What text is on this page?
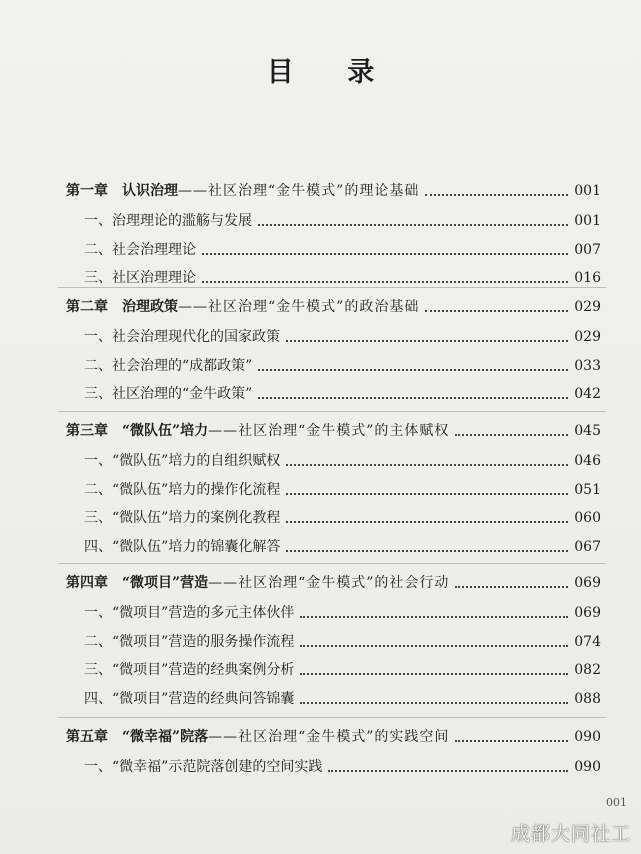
目 录
第一章 认识治理 ——社区治理“金牛模式”的理论基础	001
一、治理理论的滥觞与发展	001
二、社会治理理论	007
三、社区治理理论	016
第二章 治理政策 ——社区治理“金牛模式”的政治基础	029
一、社会治理现代化的国家政策	029
二、社会治理的“成都政策”	033
三、社区治理的“金牛政策”	042
第三章 “微队伍”培力 ——社区治理“金牛模式”的主体赋权	045
一、“微队伍”培力的自组织赋权	046
二、“微队伍”培力的操作化流程	051
三、“微队伍”培力的案例化教程	060
四、“微队伍”培力的锦囊化解答	067
第四章 “微项目”营造 ——社区治理“金牛模式”的社会行动	069
一、“微项目”营造的多元主体伙伴	069
二、“微项目”营造的服务操作流程	074
三、“微项目”营造的经典案例分析	082
四、“微项目”营造的经典问答锦囊	088
第五章 “微幸福”院落 ——社区治理“金牛模式”的实践空间	090
一、“微幸福”示范院落创建的空间实践	090
001
成都大同社工
